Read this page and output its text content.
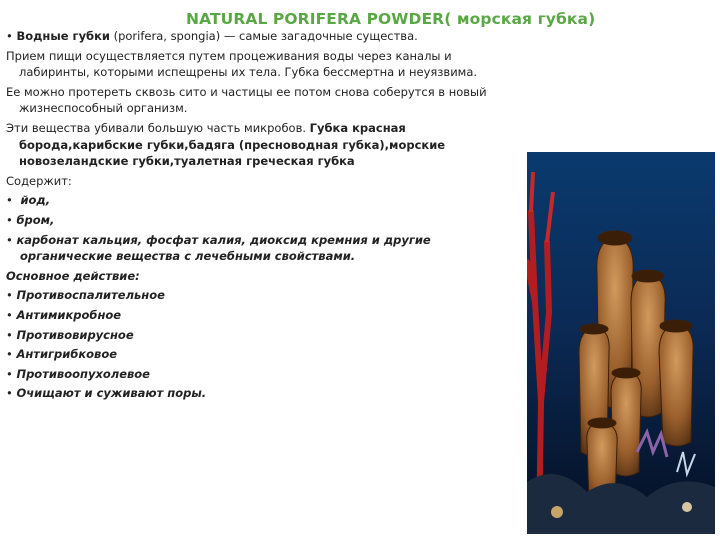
NATURAL PORIFERA POWDER( морская губка)

• Водные губки (porifera, spongia) — самые загадочные существа.

Прием пищи осуществляется путем процеживания воды через каналы и лабиринты, которыми испещрены их тела. Губка бессмертна и неуязвима.

Ее можно протереть сквозь сито и частицы ее потом снова соберутся в новый жизнеспособный организм.

Эти вещества убивали большую часть микробов. Губка красная борода,карибские губки,бадяга (пресноводная губка),морские новозеландские губки,туалетная греческая губка

Содержит:

•  йод,

• бром,

• карбонат кальция, фосфат калия, диоксид кремния и другие органические вещества с лечебными свойствами.

Основное действие:

• Противоспалительное

• Антимикробное

• Противовирусное

• Антигрибковое

• Противоопухолевое

• Очищают и суживают поры.
